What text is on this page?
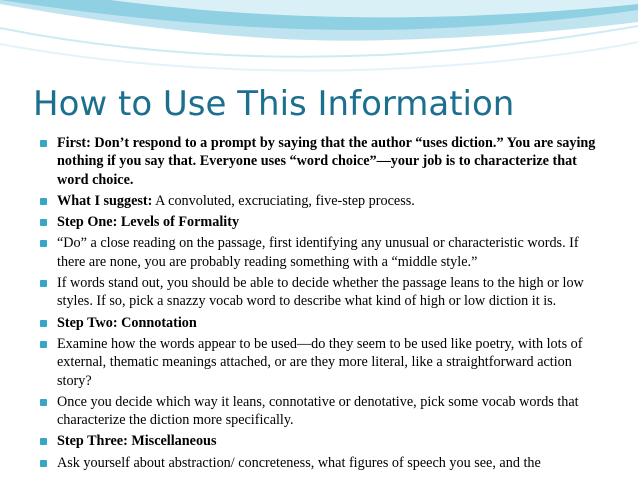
How to Use This Information
First: Don’t respond to a prompt by saying that the author “uses diction.” You are saying nothing if you say that. Everyone uses “word choice”—your job is to characterize that word choice.
What I suggest: A convoluted, excruciating, five-step process.
Step One: Levels of Formality
“Do” a close reading on the passage, first identifying any unusual or characteristic words. If there are none, you are probably reading something with a “middle style.”
If words stand out, you should be able to decide whether the passage leans to the high or low styles. If so, pick a snazzy vocab word to describe what kind of high or low diction it is.
Step Two: Connotation
Examine how the words appear to be used—do they seem to be used like poetry, with lots of external, thematic meanings attached, or are they more literal, like a straightforward action story?
Once you decide which way it leans, connotative or denotative, pick some vocab words that characterize the diction more specifically.
Step Three: Miscellaneous
Ask yourself about abstraction/ concreteness, what figures of speech you see, and the
